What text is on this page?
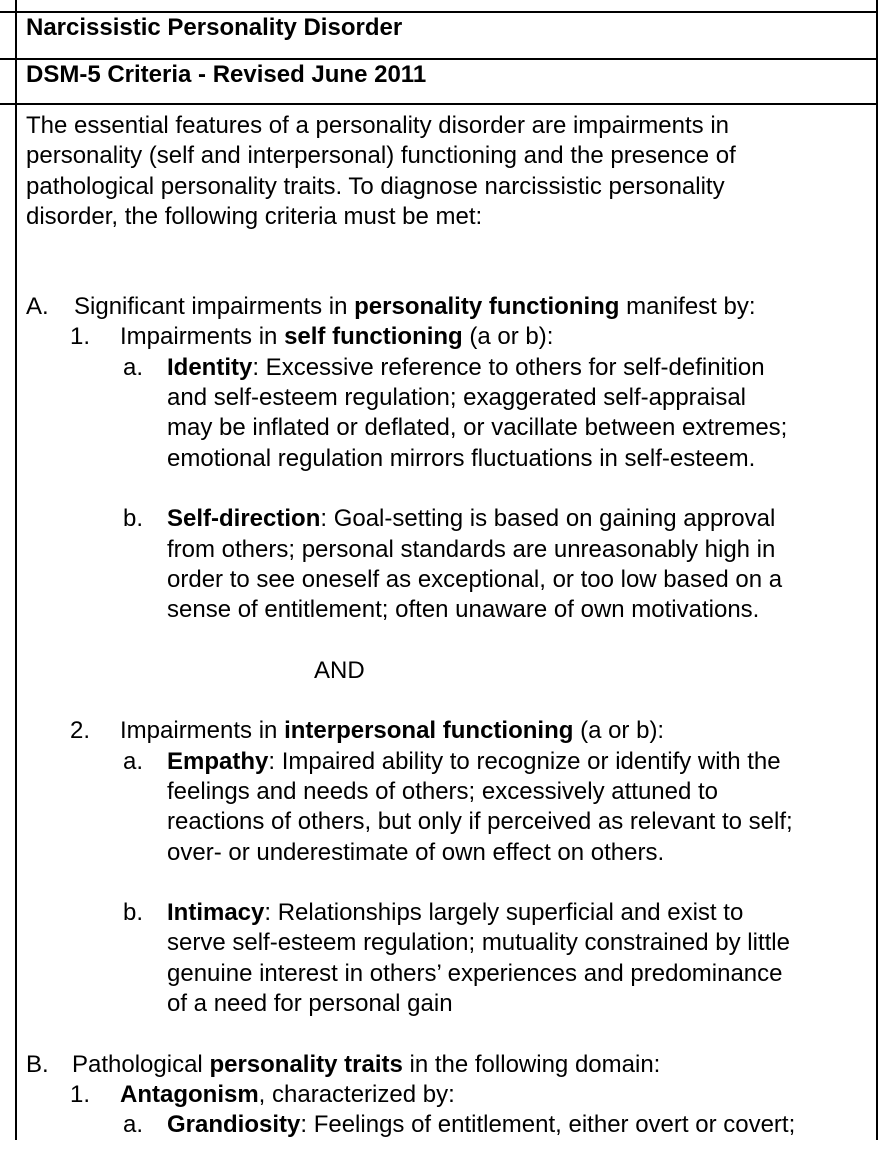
Narcissistic Personality Disorder
DSM-5 Criteria - Revised June 2011
The essential features of a personality disorder are impairments in
personality (self and interpersonal) functioning and the presence of
pathological personality traits. To diagnose narcissistic personality
disorder, the following criteria must be met:
A. Significant impairments in personality functioning manifest by:
1. Impairments in self functioning (a or b):
a. Identity: Excessive reference to others for self-definition
and self-esteem regulation; exaggerated self-appraisal
may be inflated or deflated, or vacillate between extremes;
emotional regulation mirrors fluctuations in self-esteem.
b. Self-direction: Goal-setting is based on gaining approval
from others; personal standards are unreasonably high in
order to see oneself as exceptional, or too low based on a
sense of entitlement; often unaware of own motivations.
AND
2. Impairments in interpersonal functioning (a or b):
a. Empathy: Impaired ability to recognize or identify with the
feelings and needs of others; excessively attuned to
reactions of others, but only if perceived as relevant to self;
over- or underestimate of own effect on others.
b. Intimacy: Relationships largely superficial and exist to
serve self-esteem regulation; mutuality constrained by little
genuine interest in others’ experiences and predominance
of a need for personal gain
B. Pathological personality traits in the following domain:
1. Antagonism, characterized by:
a. Grandiosity: Feelings of entitlement, either overt or covert;
